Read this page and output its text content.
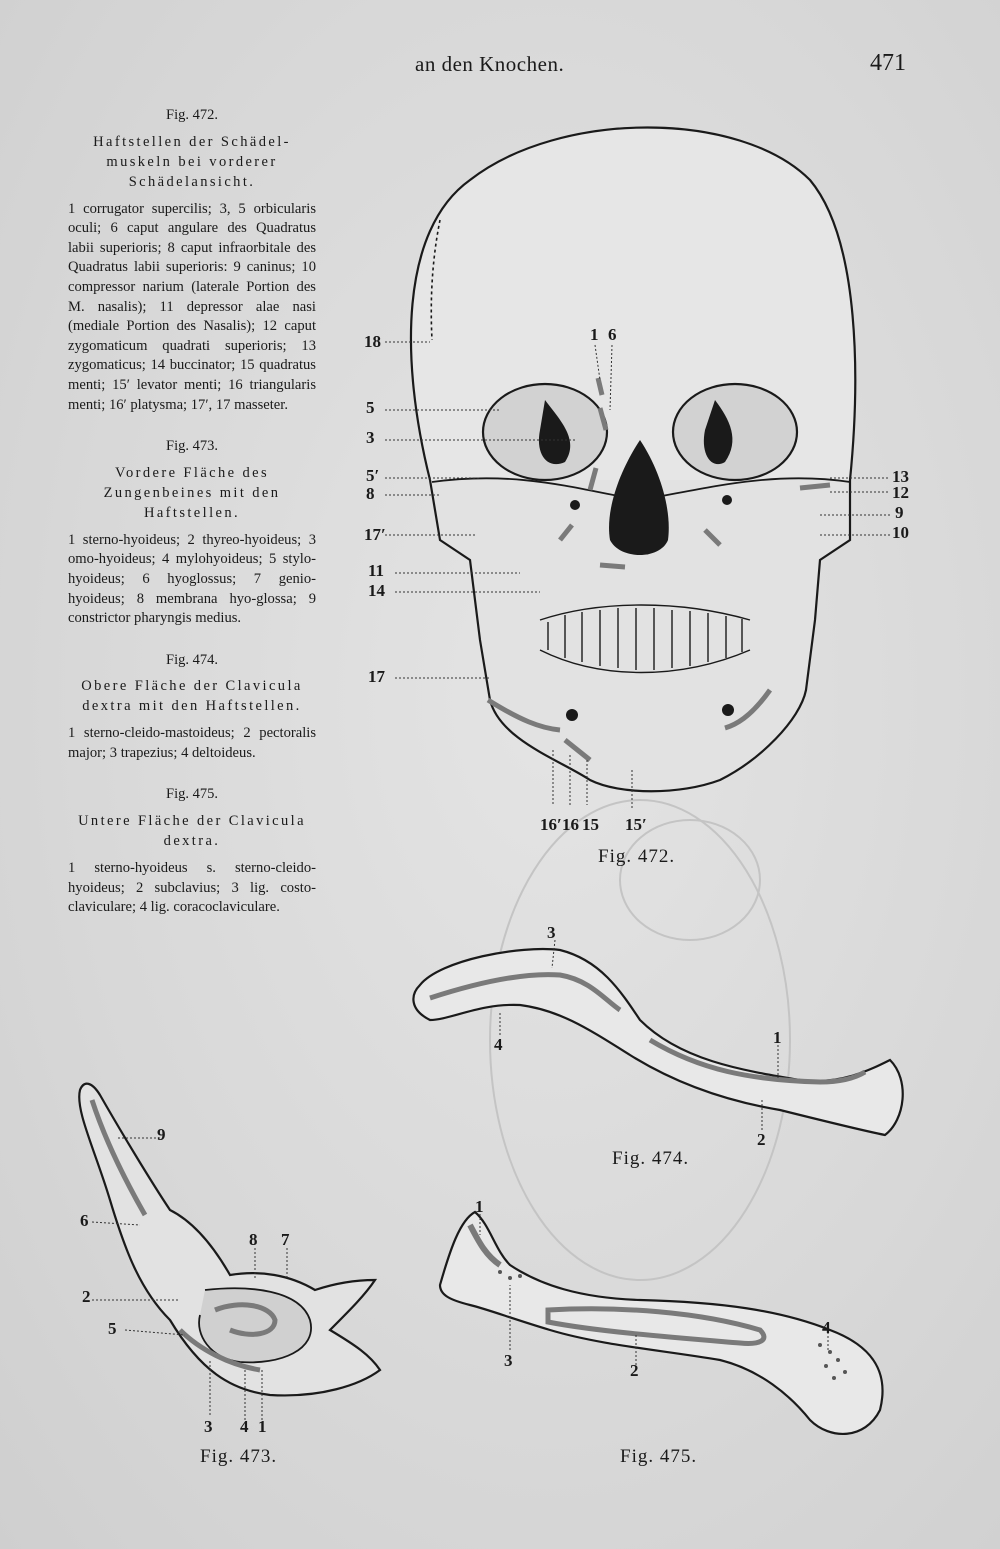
an den Knochen.	471
Fig. 472.
Haftstellen der Schädel-muskeln bei vorderer Schädelansicht.
1 corrugator supercilis; 3, 5 orbicularis oculi; 6 caput angulare des Quadratus labii superioris; 8 caput infraorbitale des Quadratus labii superioris: 9 caninus; 10 compressor narium (laterale Portion des M. nasalis); 11 depressor alae nasi (mediale Portion des Nasalis); 12 caput zygomaticum quadrati superioris; 13 zygomaticus; 14 buccinator; 15 quadratus menti; 15′ levator menti; 16 triangularis menti; 16′ platysma; 17′, 17 masseter.
Fig. 473.
Vordere Fläche des Zungenbeines mit den Haftstellen.
1 sterno-hyoideus; 2 thyreo-hyoideus; 3 omo-hyoideus; 4 mylohyoideus; 5 stylo-hyoideus; 6 hyoglossus; 7 genio-hyoideus; 8 membrana hyo-glossa; 9 constrictor pharyngis medius.
Fig. 474.
Obere Fläche der Clavicula dextra mit den Haftstellen.
1 sterno-cleido-mastoideus; 2 pectoralis major; 3 trapezius; 4 deltoideus.
Fig. 475.
Untere Fläche der Clavicula dextra.
1 sterno-hyoideus s. sterno-cleido-hyoideus; 2 subclavius; 3 lig. costo-claviculare; 4 lig. coracoclaviculare.
18
5
3
5′
8
17′
11
14
17
1 6
13
12
9
10
16′ 16 15 15′
3
4	1
2
1
3
2
4
9
6
8 7
2
5
3 4 1
Fig. 472.
Fig. 474.
Fig. 473.	Fig. 475.
